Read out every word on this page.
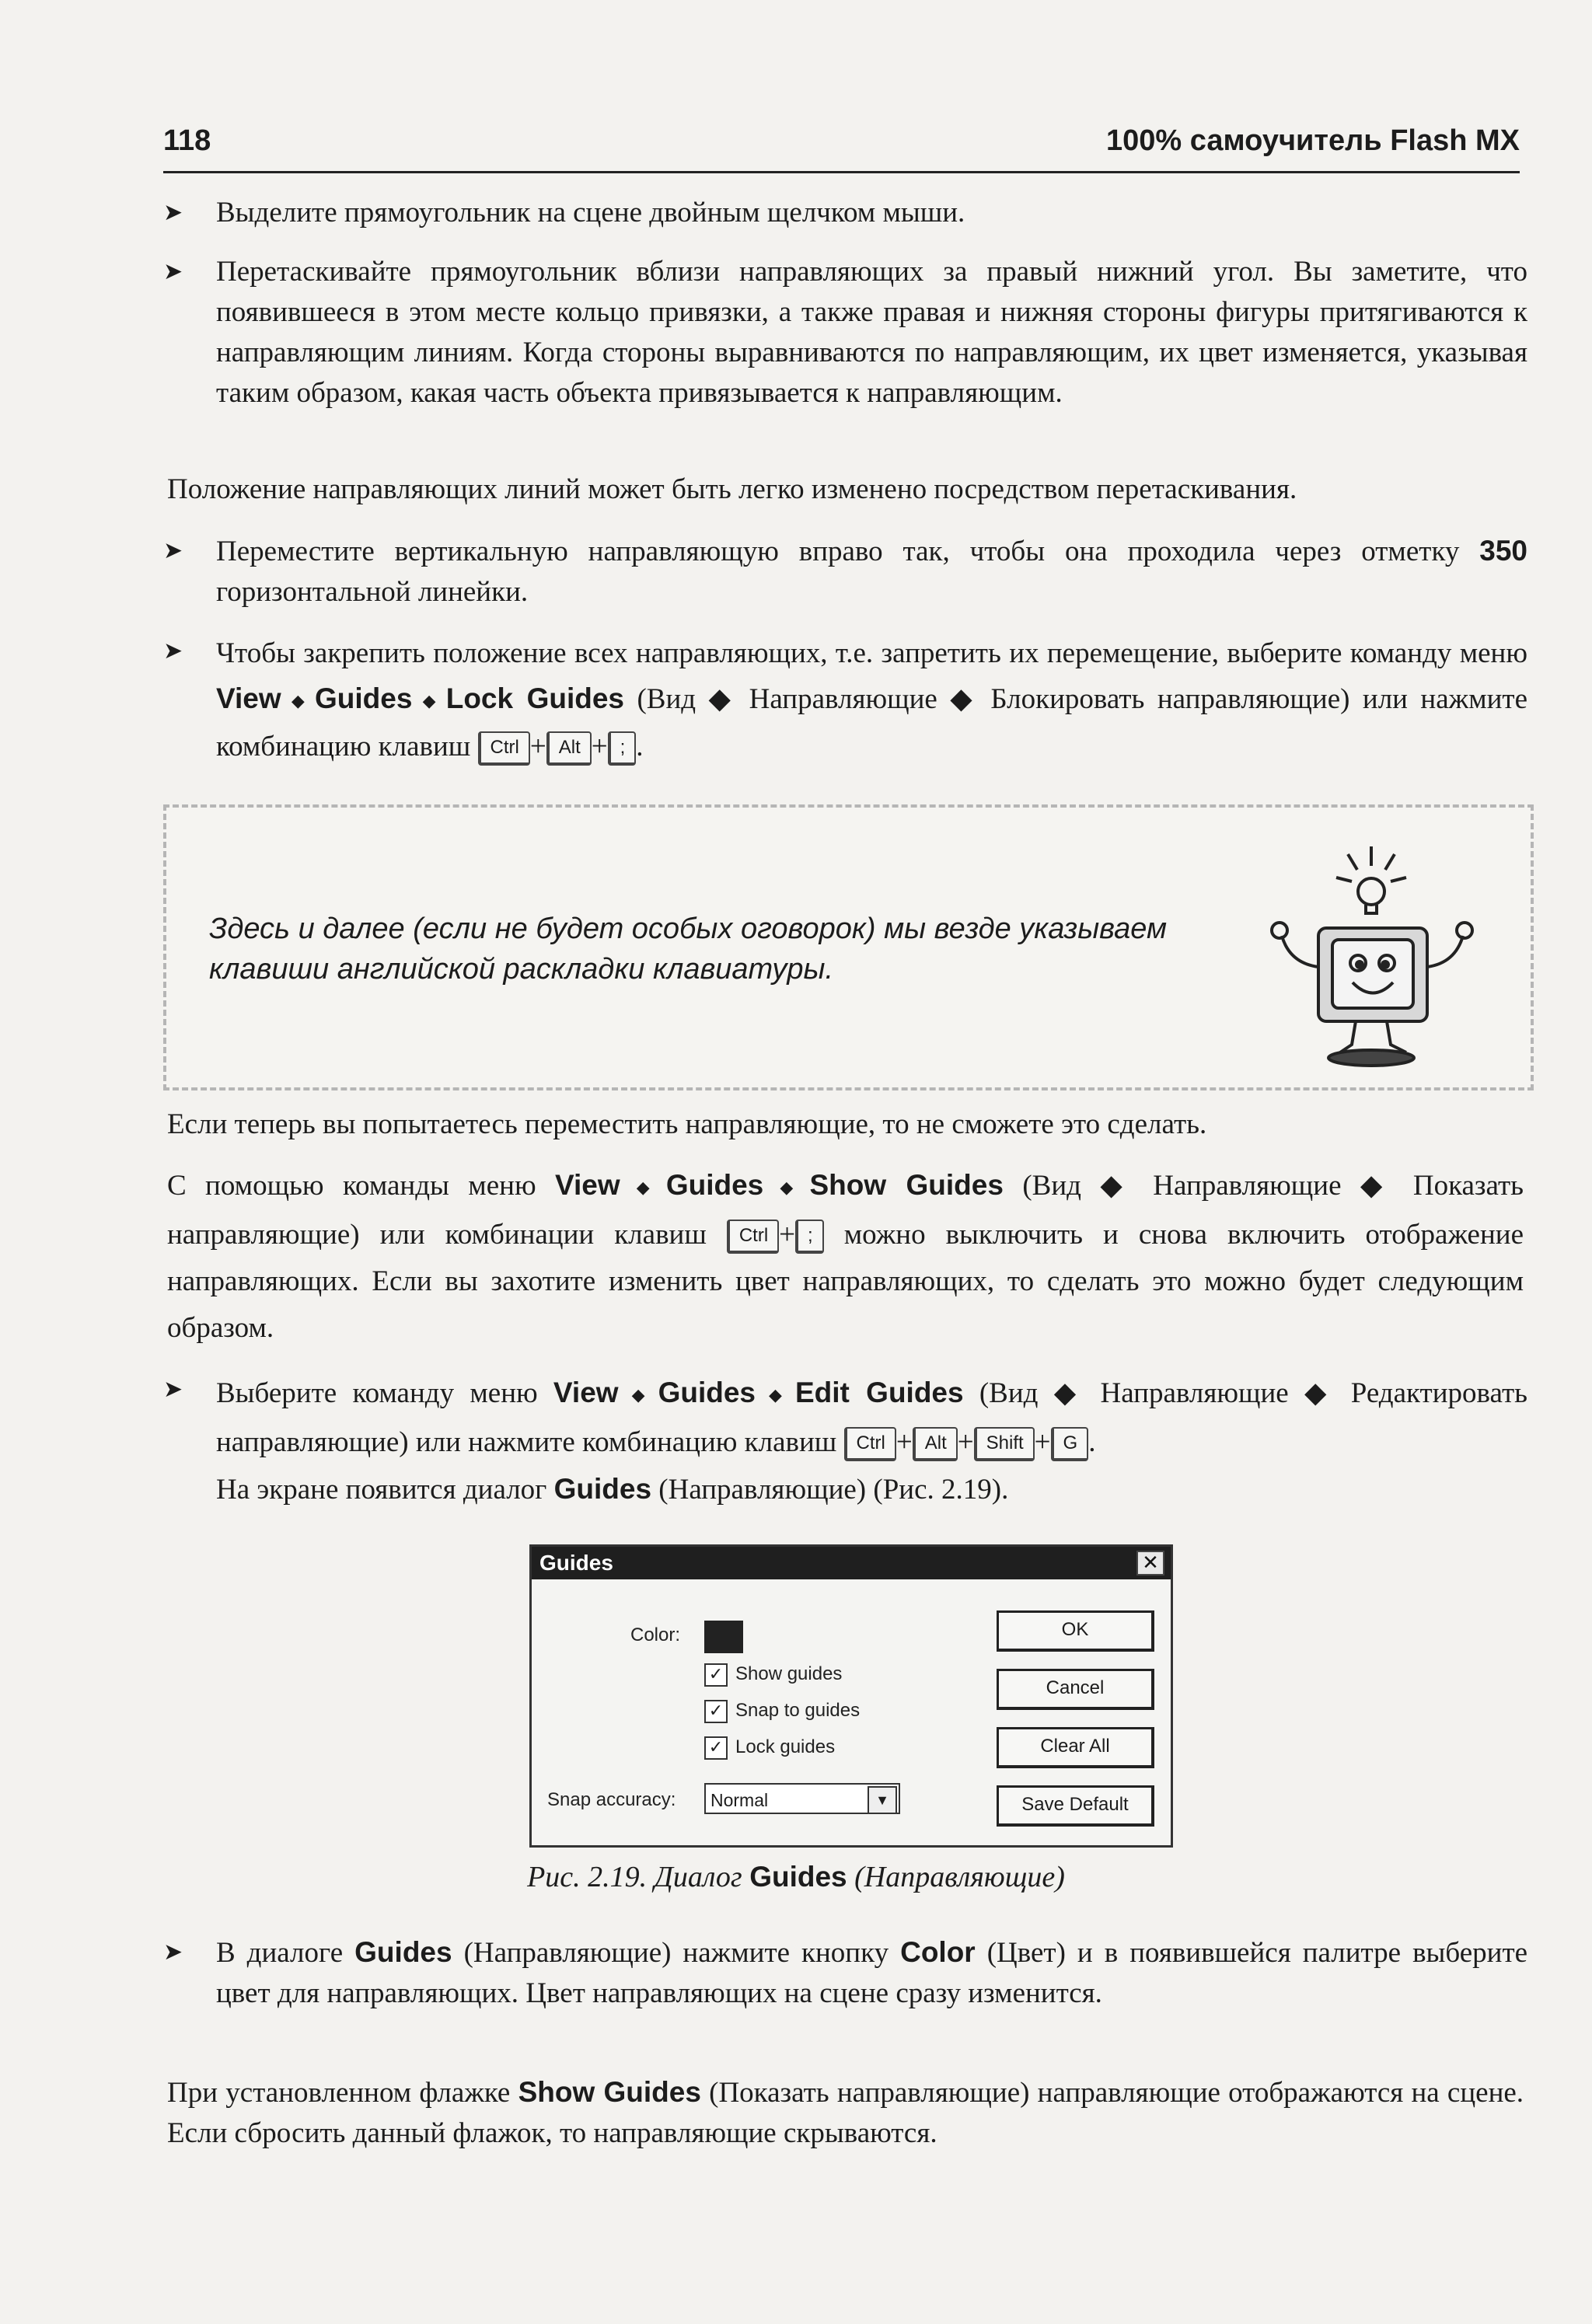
118	100% самоучитель Flash MX
➤	Выделите прямоугольник на сцене двойным щелчком мыши.
➤	Перетаскивайте прямоугольник вблизи направляющих за правый нижний угол. Вы заметите, что появившееся в этом месте кольцо привязки, а также правая и нижняя стороны фигуры притягиваются к направляющим линиям. Когда стороны выравниваются по направляющим, их цвет изменяется, указывая таким образом, какая часть объекта привязывается к направляющим.
Положение направляющих линий может быть легко изменено посредством перетаскивания.
➤	Переместите вертикальную направляющую вправо так, чтобы она проходила через отметку 350 горизонтальной линейки.
➤	Чтобы закрепить положение всех направляющих, т.е. запретить их перемещение, выберите команду меню View ◆ Guides ◆ Lock Guides (Вид ◆ Направляющие ◆ Блокировать направляющие) или нажмите комбинацию клавиш Ctrl + Alt + ; .
Здесь и далее (если не будет особых оговорок) мы везде указываем клавиши английской раскладки клавиатуры.
Если теперь вы попытаетесь переместить направляющие, то не сможете это сделать.
С помощью команды меню View ◆ Guides ◆ Show Guides (Вид ◆ Направляющие ◆ Показать направляющие) или комбинации клавиш Ctrl + ; можно выключить и снова включить отображение направляющих. Если вы захотите изменить цвет направляющих, то сделать это можно будет следующим образом.
➤	Выберите команду меню View ◆ Guides ◆ Edit Guides (Вид ◆ Направляющие ◆ Редактировать направляющие) или нажмите комбинацию клавиш Ctrl + Alt + Shift + G .
На экране появится диалог Guides (Направляющие) (Рис. 2.19).
Guides	✕
Color:
✓ Show guides
✓ Snap to guides
✓ Lock guides
Snap accuracy:	Normal	▼
OK
Cancel
Clear All
Save Default
Рис. 2.19. Диалог Guides (Направляющие)
➤	В диалоге Guides (Направляющие) нажмите кнопку Color (Цвет) и в появившейся палитре выберите цвет для направляющих. Цвет направляющих на сцене сразу изменится.
При установленном флажке Show Guides (Показать направляющие) направляющие отображаются на сцене. Если сбросить данный флажок, то направляющие скрываются.
